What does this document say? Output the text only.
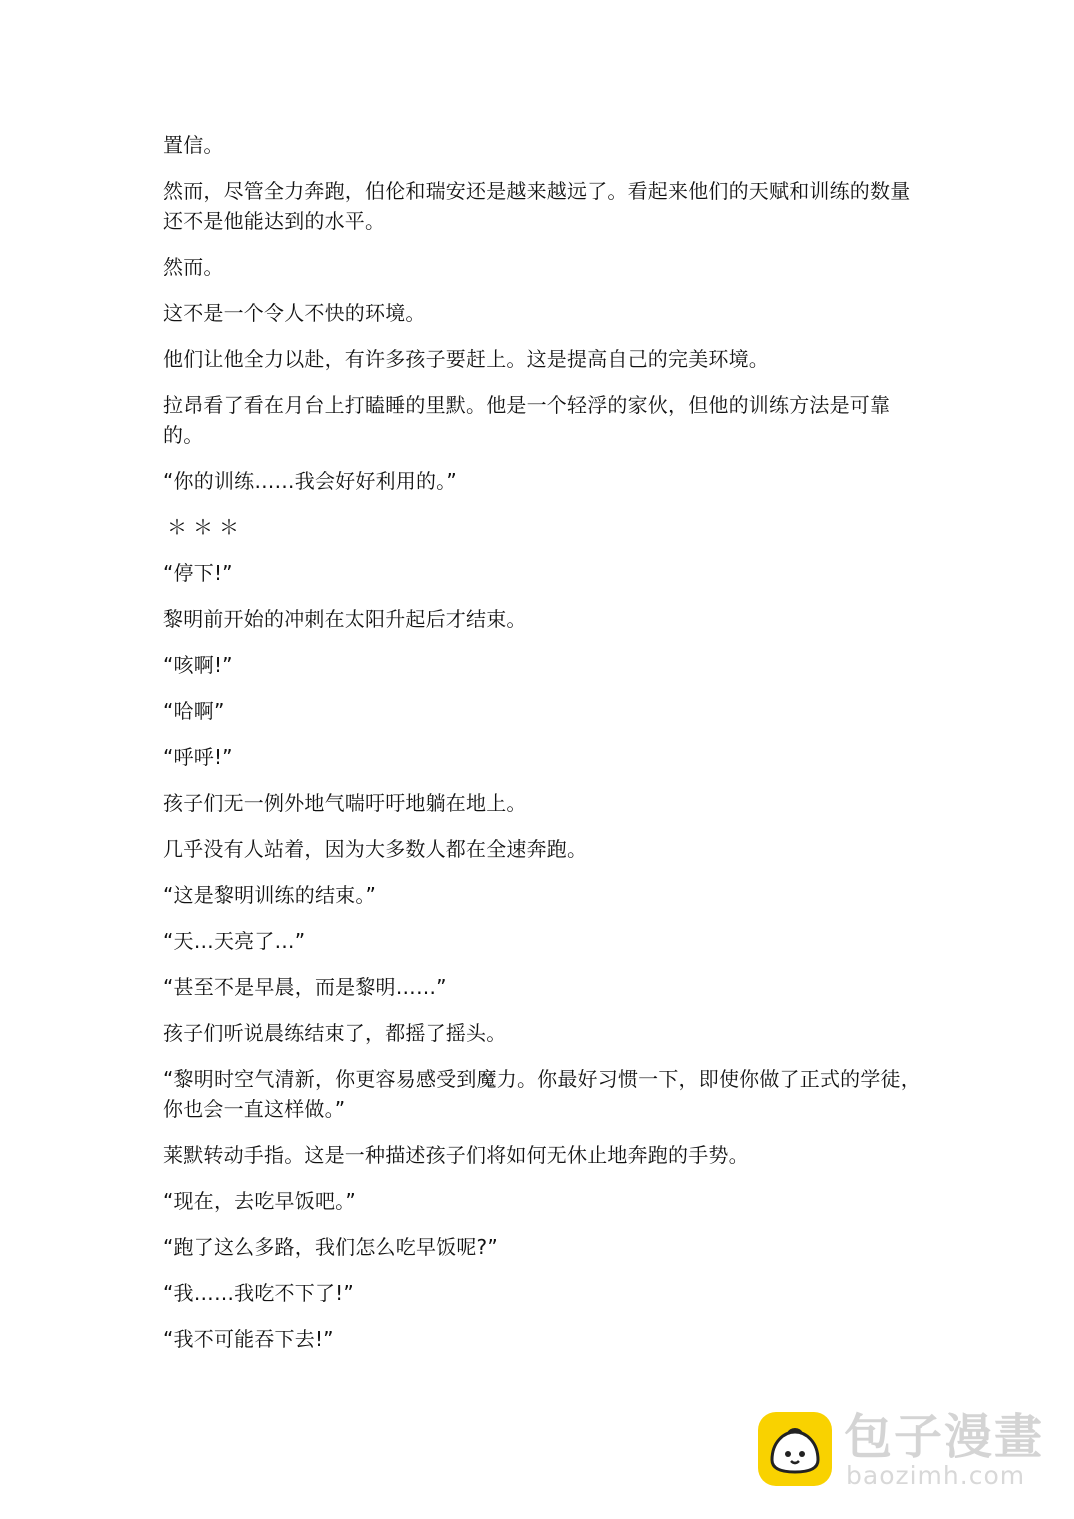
置信。

然而，尽管全力奔跑，伯伦和瑞安还是越来越远了。看起来他们的天赋和训练的数量还不是他能达到的水平。

然而。

这不是一个令人不快的环境。

他们让他全力以赴，有许多孩子要赶上。这是提高自己的完美环境。

拉昂看了看在月台上打瞌睡的里默。他是一个轻浮的家伙，但他的训练方法是可靠的。

“你的训练……我会好好利用的。”

＊＊＊

“停下!”

黎明前开始的冲刺在太阳升起后才结束。

“咳啊!”

“哈啊”

“呼呼!”

孩子们无一例外地气喘吁吁地躺在地上。

几乎没有人站着，因为大多数人都在全速奔跑。

“这是黎明训练的结束。”

“天…天亮了…”

“甚至不是早晨，而是黎明……”

孩子们听说晨练结束了，都摇了摇头。

“黎明时空气清新，你更容易感受到魔力。你最好习惯一下，即使你做了正式的学徒，你也会一直这样做。”

莱默转动手指。这是一种描述孩子们将如何无休止地奔跑的手势。

“现在，去吃早饭吧。”

“跑了这么多路，我们怎么吃早饭呢?”

“我……我吃不下了!”

“我不可能吞下去!”

包子漫畫
baozimh.com
